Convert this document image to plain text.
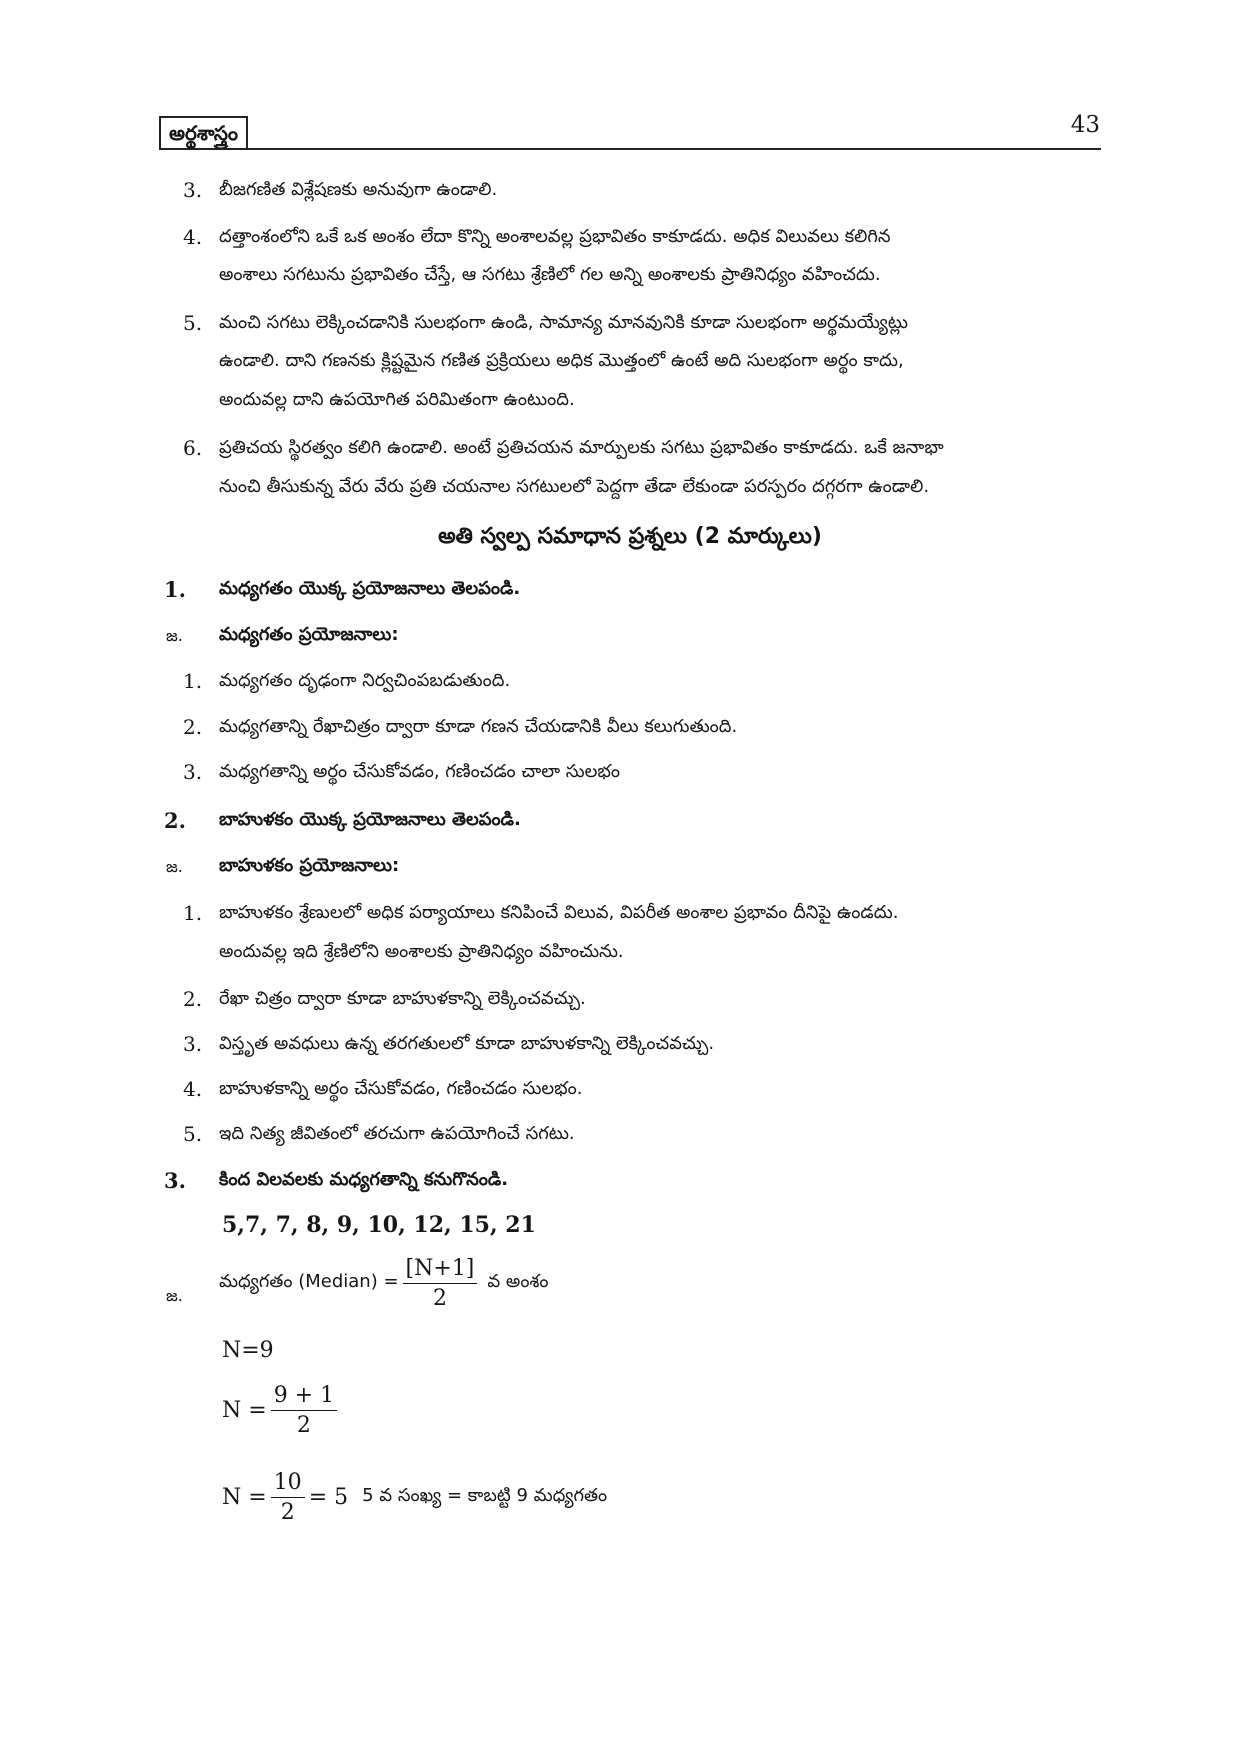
అర్థశాస్త్రం	43
3. బీజగణిత విశ్లేషణకు అనువుగా ఉండాలి.
4. దత్తాంశంలోని ఒకే ఒక అంశం లేదా కొన్ని అంశాలవల్ల ప్రభావితం కాకూడదు. అధిక విలువలు కలిగిన
అంశాలు సగటును ప్రభావితం చేస్తే, ఆ సగటు శ్రేణిలో గల అన్ని అంశాలకు ప్రాతినిధ్యం వహించదు.
5. మంచి సగటు లెక్కించడానికి సులభంగా ఉండి, సామాన్య మానవునికి కూడా సులభంగా అర్థమయ్యేట్లు
ఉండాలి. దాని గణనకు క్లిష్టమైన గణిత ప్రక్రియలు అధిక మొత్తంలో ఉంటే అది సులభంగా అర్థం కాదు,
అందువల్ల దాని ఉపయోగిత పరిమితంగా ఉంటుంది.
6. ప్రతిచయ స్థిరత్వం కలిగి ఉండాలి. అంటే ప్రతిచయన మార్పులకు సగటు ప్రభావితం కాకూడదు. ఒకే జనాభా
నుంచి తీసుకున్న వేరు వేరు ప్రతి చయనాల సగటులలో పెద్దగా తేడా లేకుండా పరస్పరం దగ్గరగా ఉండాలి.
అతి స్వల్ప సమాధాన ప్రశ్నలు (2 మార్కులు)
1. మధ్యగతం యొక్క ప్రయోజనాలు తెలపండి.
జ. మధ్యగతం ప్రయోజనాలు:
1. మధ్యగతం దృఢంగా నిర్వచింపబడుతుంది.
2. మధ్యగతాన్ని రేఖాచిత్రం ద్వారా కూడా గణన చేయడానికి వీలు కలుగుతుంది.
3. మధ్యగతాన్ని అర్థం చేసుకోవడం, గణించడం చాలా సులభం
2. బాహుళకం యొక్క ప్రయోజనాలు తెలపండి.
జ. బాహుళకం ప్రయోజనాలు:
1. బాహుళకం శ్రేణులలో అధిక పర్యాయాలు కనిపించే విలువ, విపరీత అంశాల ప్రభావం దీనిపై ఉండదు.
అందువల్ల ఇది శ్రేణిలోని అంశాలకు ప్రాతినిధ్యం వహించును.
2. రేఖా చిత్రం ద్వారా కూడా బాహుళకాన్ని లెక్కించవచ్చు.
3. విస్తృత అవధులు ఉన్న తరగతులలో కూడా బాహుళకాన్ని లెక్కించవచ్చు.
4. బాహుళకాన్ని అర్థం చేసుకోవడం, గణించడం సులభం.
5. ఇది నిత్య జీవితంలో తరచుగా ఉపయోగించే సగటు.
3. కింద విలవలకు మధ్యగతాన్ని కనుగొనండి.
5,7, 7, 8, 9, 10, 12, 15, 21
జ.
మధ్యగతం (Median) = $\frac{[N+1]}{2}$ వ అంశం
N=9
$N = \frac{9 + 1}{2}$
$N = \frac{10}{2} = 5$ 5 వ సంఖ్య = కాబట్టి 9 మధ్యగతం
